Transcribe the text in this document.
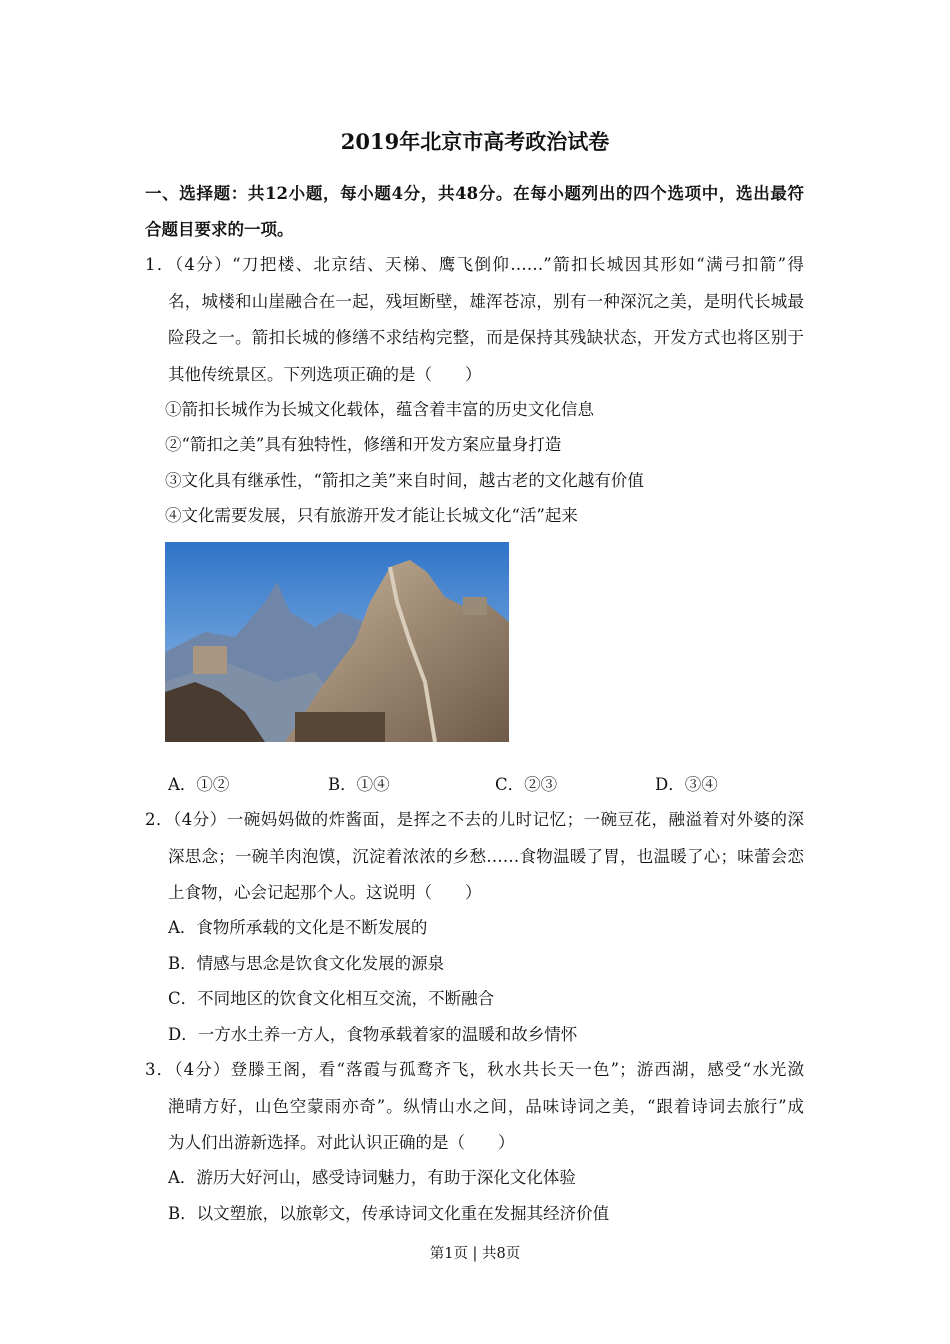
2019年北京市高考政治试卷
一、选择题：共12小题，每小题4分，共48分。在每小题列出的四个选项中，选出最符
合题目要求的一项。
1．（4分）“刀把楼、北京结、天梯、鹰飞倒仰……”箭扣长城因其形如“满弓扣箭”得
名，城楼和山崖融合在一起，残垣断壁，雄浑苍凉，别有一种深沉之美，是明代长城最
险段之一。箭扣长城的修缮不求结构完整，而是保持其残缺状态，开发方式也将区别于
其他传统景区。下列选项正确的是（　　）
①箭扣长城作为长城文化载体，蕴含着丰富的历史文化信息
②“箭扣之美”具有独特性，修缮和开发方案应量身打造
③文化具有继承性，“箭扣之美”来自时间，越古老的文化越有价值
④文化需要发展，只有旅游开发才能让长城文化“活”起来
A．①②	B．①④	C．②③	D．③④
2．（4分）一碗妈妈做的炸酱面，是挥之不去的儿时记忆；一碗豆花，融溢着对外婆的深
深思念；一碗羊肉泡馍，沉淀着浓浓的乡愁……食物温暖了胃，也温暖了心；味蕾会恋
上食物，心会记起那个人。这说明（　　）
A．食物所承载的文化是不断发展的
B．情感与思念是饮食文化发展的源泉
C．不同地区的饮食文化相互交流，不断融合
D．一方水土养一方人，食物承载着家的温暖和故乡情怀
3．（4分）登滕王阁，看“落霞与孤鹜齐飞，秋水共长天一色”；游西湖，感受“水光潋
滟晴方好，山色空蒙雨亦奇”。纵情山水之间，品味诗词之美，“跟着诗词去旅行”成
为人们出游新选择。对此认识正确的是（　　）
A．游历大好河山，感受诗词魅力，有助于深化文化体验
B．以文塑旅，以旅彰文，传承诗词文化重在发掘其经济价值
第1页 | 共8页
